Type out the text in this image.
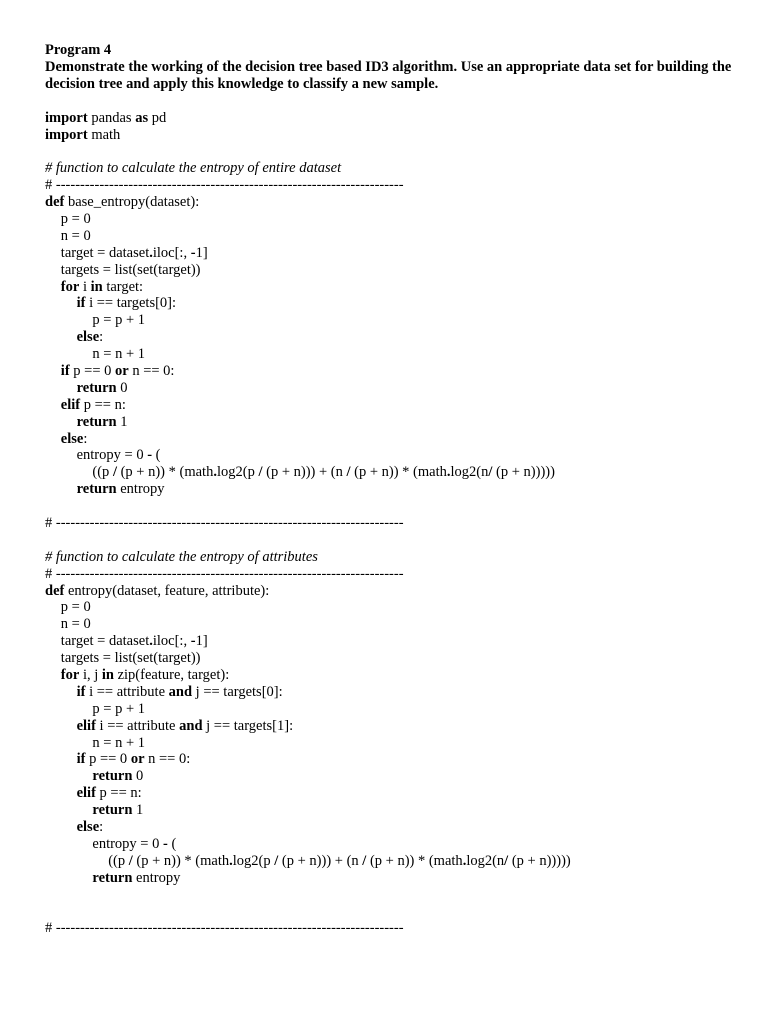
Program 4
Demonstrate the working of the decision tree based ID3 algorithm. Use an appropriate data set for building the decision tree and apply this knowledge to classify a new sample.
import pandas as pd
import math
# function to calculate the entropy of entire dataset
# ------------------------------------------------------------------------
def base_entropy(dataset):
p = 0
n = 0
target = dataset.iloc[:, -1]
targets = list(set(target))
for i in target:
if i == targets[0]:
p = p + 1
else:
n = n + 1
if p == 0 or n == 0:
return 0
elif p == n:
return 1
else:
entropy = 0 - (
((p / (p + n)) * (math.log2(p / (p + n))) + (n / (p + n)) * (math.log2(n/ (p + n)))))
return entropy
# ------------------------------------------------------------------------
# function to calculate the entropy of attributes
# ------------------------------------------------------------------------
def entropy(dataset, feature, attribute):
p = 0
n = 0
target = dataset.iloc[:, -1]
targets = list(set(target))
for i, j in zip(feature, target):
if i == attribute and j == targets[0]:
p = p + 1
elif i == attribute and j == targets[1]:
n = n + 1
if p == 0 or n == 0:
return 0
elif p == n:
return 1
else:
entropy = 0 - (
((p / (p + n)) * (math.log2(p / (p + n))) + (n / (p + n)) * (math.log2(n/ (p + n)))))
return entropy
# ------------------------------------------------------------------------
